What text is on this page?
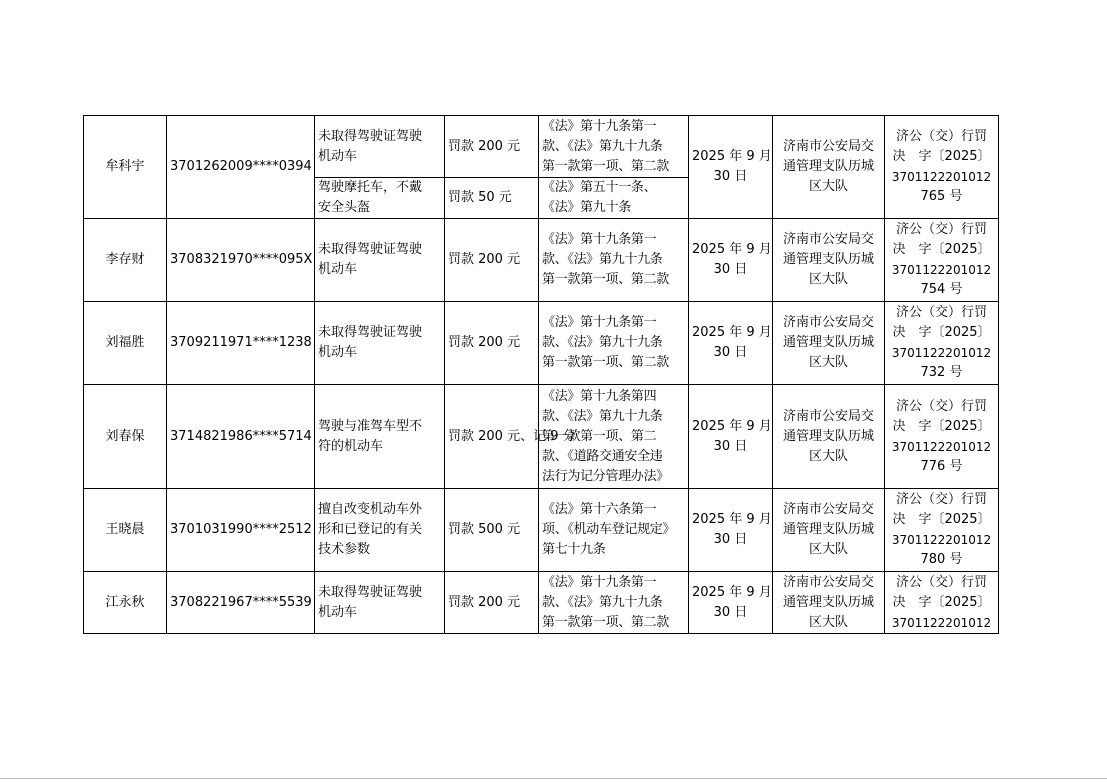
牟科宇	3701262009****0394	未取得驾驶证驾驶
机动车	罚款 200 元	《法》第十九条第一
款、《法》第九十九条
第一款第一项、第二款	2025 年 9 月
30 日	济南市公安局交
通管理支队历城
区大队	济公（交）行罚
决　字〔2025〕
3701122201012
765 号

		驾驶摩托车，不戴
安全头盔	罚款 50 元	《法》第五十一条、
《法》第九十条			

李存财	3708321970****095X	未取得驾驶证驾驶
机动车	罚款 200 元	《法》第十九条第一
款、《法》第九十九条
第一款第一项、第二款	2025 年 9 月
30 日	济南市公安局交
通管理支队历城
区大队	济公（交）行罚
决　字〔2025〕
3701122201012
754 号

刘福胜	3709211971****1238	未取得驾驶证驾驶
机动车	罚款 200 元	《法》第十九条第一
款、《法》第九十九条
第一款第一项、第二款	2025 年 9 月
30 日	济南市公安局交
通管理支队历城
区大队	济公（交）行罚
决　字〔2025〕
3701122201012
732 号

刘春保	3714821986****5714	驾驶与准驾车型不
符的机动车	罚款 200 元、记 9 分	《法》第十九条第四
款、《法》第九十九条
第一款第一项、第二
款、《道路交通安全违
法行为记分管理办法》	2025 年 9 月
30 日	济南市公安局交
通管理支队历城
区大队	济公（交）行罚
决　字〔2025〕
3701122201012
776 号

王晓晨	3701031990****2512	擅自改变机动车外
形和已登记的有关
技术参数	罚款 500 元	《法》第十六条第一
项、《机动车登记规定》
第七十九条	2025 年 9 月
30 日	济南市公安局交
通管理支队历城
区大队	济公（交）行罚
决　字〔2025〕
3701122201012
780 号

江永秋	3708221967****5539	未取得驾驶证驾驶
机动车	罚款 200 元	《法》第十九条第一
款、《法》第九十九条
第一款第一项、第二款	2025 年 9 月
30 日	济南市公安局交
通管理支队历城
区大队	济公（交）行罚
决　字〔2025〕
3701122201012
